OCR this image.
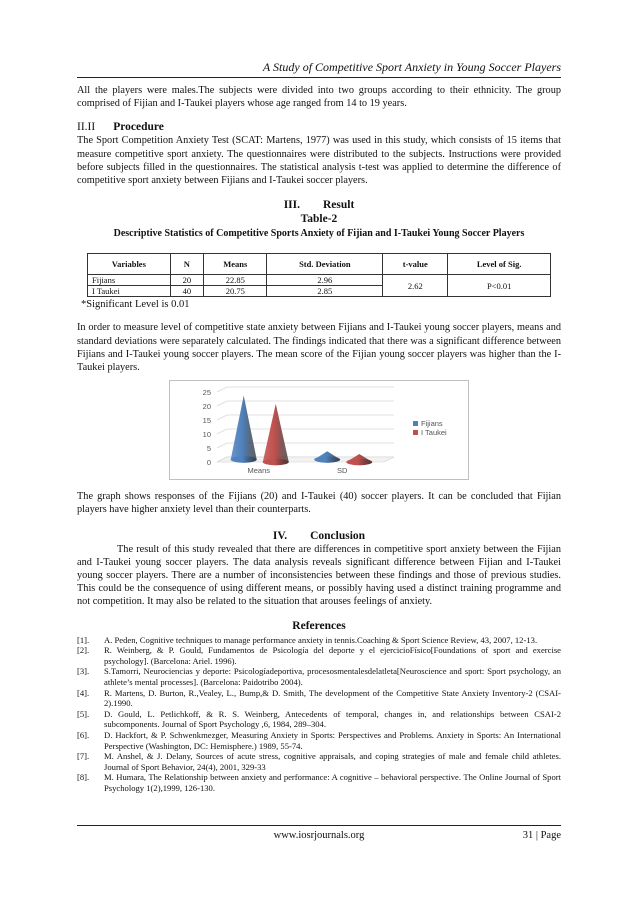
A Study of Competitive Sport Anxiety in Young Soccer Players

All the players were males.The subjects were divided into two groups according to their ethnicity. The group comprised of Fijian and I-Taukei players whose age ranged from 14 to 19 years.

II.II Procedure

The Sport Competition Anxiety Test (SCAT: Martens, 1977) was used in this study, which consists of 15 items that measure competitive sport anxiety. The questionnaires were distributed to the subjects. Instructions were provided before subjects filled in the questionnaires. The statistical analysis t-test was applied to determine the difference of competitive sport anxiety between Fijians and I-Taukei soccer players.

III.  Result
Table-2
Descriptive Statistics of Competitive Sports Anxiety of Fijian and I-Taukei Young Soccer Players
Variables	N	Means	Std. Deviation	t-value	Level of Sig.
Fijians	20	22.85	2.96	2.62	P<0.01
I Taukei	40	20.75	2.85		
*Significant Level is 0.01

In order to measure level of competitive state anxiety between Fijians and I-Taukei young soccer players, means and standard deviations were separately calculated. The findings indicated that there was a significant difference between Fijians and I-Taukei young soccer players. The mean score of the Fijian young soccer players was higher than the I-Taukei players.

0
5
10
15
20
25
Means	SD
Fijians
I Taukei

The graph shows responses of the Fijians (20) and I-Taukei (40) soccer players. It can be concluded that Fijian players have higher anxiety level than their counterparts.

IV.  Conclusion

The result of this study revealed that there are differences in competitive sport anxiety between the Fijian and I-Taukei young soccer players. The data analysis reveals significant difference between Fijian and I-Taukei young soccer players. There are a number of inconsistencies between these findings and those of previous studies. This could be the consequence of using different means, or possibly having used a distinct training programme and not competition. It may also be related to the situation that arouses feelings of anxiety.

References
[1].	A. Peden, Cognitive techniques to manage performance anxiety in tennis.Coaching & Sport Science Review, 43, 2007, 12-13.
[2].	R. Weinberg, & P. Gould, Fundamentos de Psicología del deporte y el ejercicioFísico[Foundations of sport and exercise psychology]. (Barcelona: Ariel. 1996).
[3].	S.Tamorri, Neurociencias y deporte: Psicologíadeportiva, procesosmentalesdelatleta[Neuroscience and sport: Sport psychology, an athlete’s mental processes]. (Barcelona: Paidotribo 2004).
[4].	R. Martens, D. Burton, R.,Vealey, L., Bump,& D. Smith, The development of the Competitive State Anxiety Inventory-2 (CSAI-2).1990.
[5].	D. Gould, L. Petlichkoff, & R. S. Weinberg, Antecedents of temporal, changes in, and relationships between CSAI-2 subcomponents. Journal of Sport Psychology ,6, 1984, 289–304.
[6].	D. Hackfort, & P. Schwenkmezger, Measuring Anxiety in Sports: Perspectives and Problems. Anxiety in Sports: An International Perspective (Washington, DC: Hemisphere.) 1989, 55-74.
[7].	M. Anshel, & J. Delany, Sources of acute stress, cognitive appraisals, and coping strategies of male and female child athletes. Journal of Sport Behavior, 24(4), 2001, 329-33
[8].	M. Humara, The Relationship between anxiety and performance: A cognitive – behavioral perspective. The Online Journal of Sport Psychology 1(2),1999, 126-130.
www.iosrjournals.org	31 | Page
